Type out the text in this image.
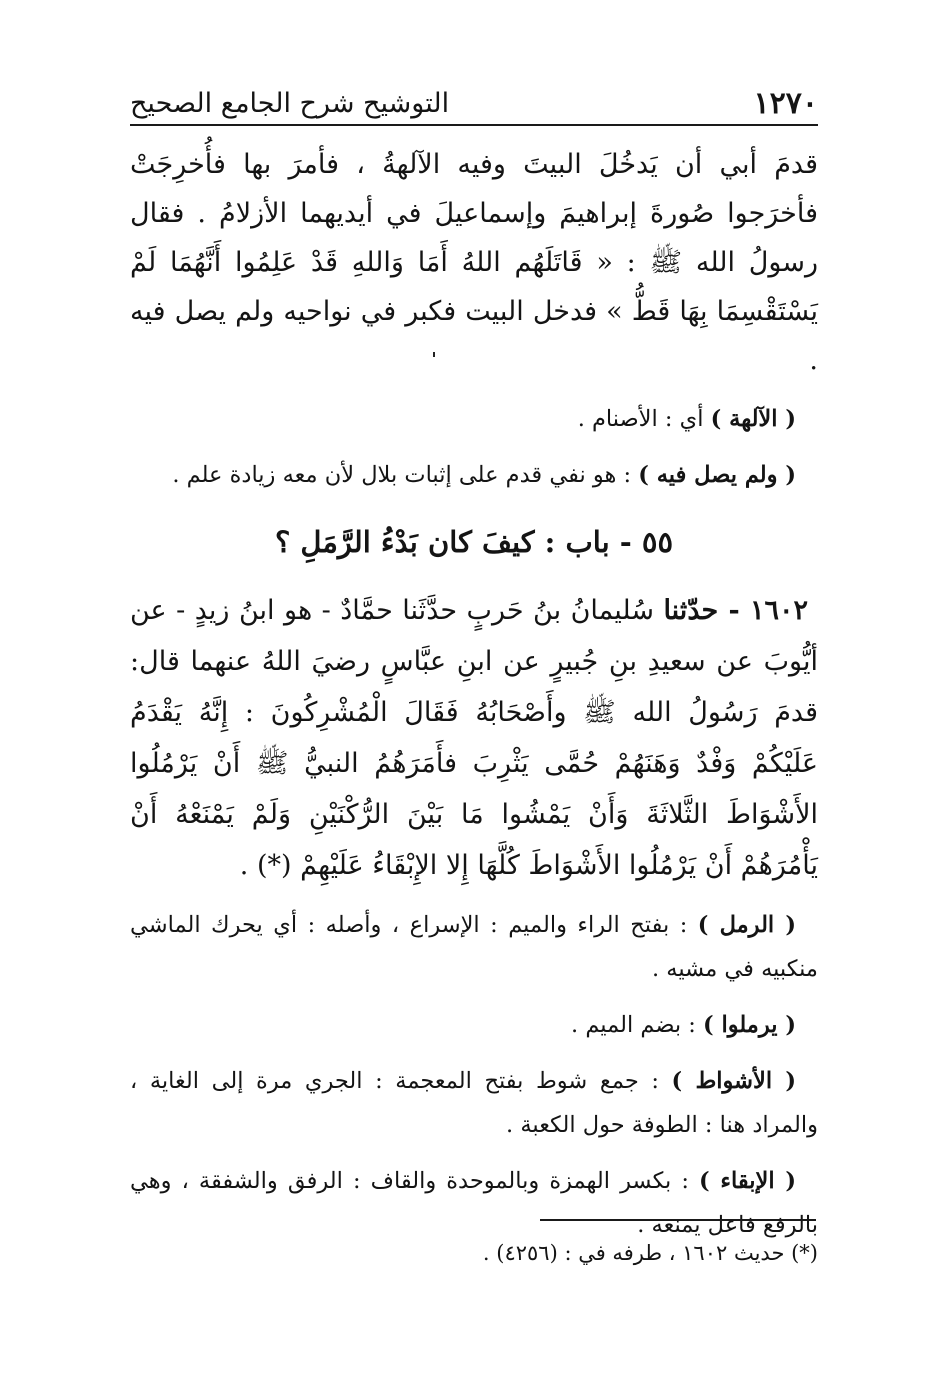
١٢٧٠
التوشيح شرح الجامع الصحيح

قدمَ أبي أن يَدخُلَ البيتَ وفيه الآلهةُ ، فأمرَ بها فأُخرِجَتْ فأخرَجوا صُورةَ إبراهيمَ وإسماعيلَ في أيديهما الأزلامُ . فقال رسولُ الله ﷺ : « قَاتَلَهُم اللهُ أَمَا وَاللهِ قَدْ عَلِمُوا أَنَّهُمَا لَمْ يَسْتَقْسِمَا بِهَا قَطُّ » فدخل البيت فكبر في نواحيه ولم يصل فيه .

( الآلهة ) أي : الأصنام .

( ولم يصل فيه ) : هو نفي قدم على إثبات بلال لأن معه زيادة علم .

٥٥ - باب : كيفَ كان بَدْءُ الرَّمَلِ ؟

١٦٠٢ - حدّثنا سُليمانُ بنُ حَربٍ حدَّثَنا حمَّادٌ - هو ابنُ زيدٍ - عن أيُّوبَ عن سعيدِ بنِ جُبيرٍ عن ابنِ عبَّاسٍ رضيَ اللهُ عنهما قال: قدمَ رَسُولُ الله ﷺ وأَصْحَابُهُ فَقَالَ الْمُشْرِكُونَ : إِنَّهُ يَقْدَمُ عَلَيْكُمْ وَفْدٌ وَهَنَهُمْ حُمَّى يَثْرِبَ فأَمَرَهُمُ النبيُّ ﷺ أَنْ يَرْمُلُوا الأَشْوَاطَ الثَّلاثَةَ وَأَنْ يَمْشُوا مَا بَيْنَ الرُّكْنَيْنِ وَلَمْ يَمْنَعْهُ أَنْ يَأْمُرَهُمْ أَنْ يَرْمُلُوا الأَشْوَاطَ كُلَّهَا إِلا الإِبْقَاءُ عَلَيْهِمْ (*) .

( الرمل ) : بفتح الراء والميم : الإسراع ، وأصله : أي يحرك الماشي منكبيه في مشيه .

( يرملوا ) : بضم الميم .

( الأشواط ) : جمع شوط بفتح المعجمة : الجري مرة إلى الغاية ، والمراد هنا : الطوفة حول الكعبة .

( الإبقاء ) : بكسر الهمزة وبالموحدة والقاف : الرفق والشفقة ، وهي بالرفع فاعل يمنعه .

(*) حديث ١٦٠٢ ، طرفه في : (٤٢٥٦) .
